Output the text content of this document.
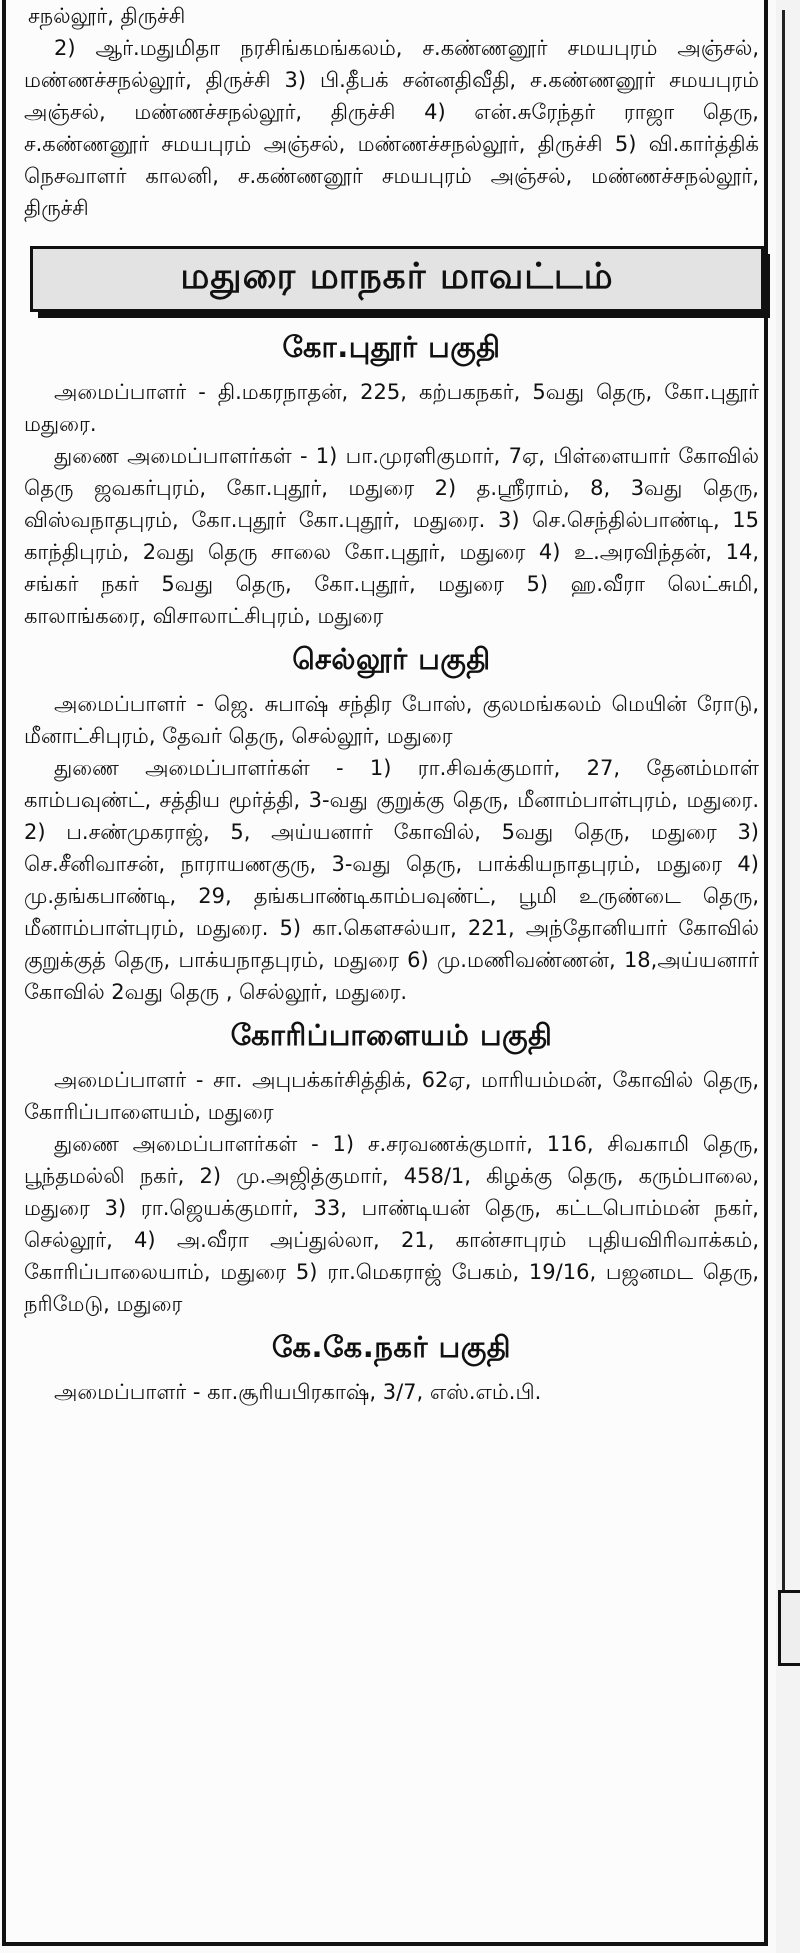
சநல்லூர், திருச்சி

2) ஆர்.மதுமிதா நரசிங்கமங்கலம், ச.கண்ணனூர் சமயபுரம் அஞ்சல், மண்ணச்சநல்லூர், திருச்சி 3) பி.தீபக் சன்னதிவீதி, ச.கண்ணனூர் சமயபுரம் அஞ்சல், மண்ணச்சநல்லூர், திருச்சி 4) என்.சுரேந்தர் ராஜா தெரு, ச.கண்ணனூர் சமயபுரம் அஞ்சல், மண்ணச்சநல்லூர், திருச்சி 5) வி.கார்த்திக் நெசவாளர் காலனி, ச.கண்ணனூர் சமயபுரம் அஞ்சல், மண்ணச்சநல்லூர், திருச்சி

மதுரை மாநகர் மாவட்டம்
கோ.புதூர் பகுதி

அமைப்பாளர் - தி.மகரநாதன், 225, கற்பகநகர், 5வது தெரு, கோ.புதூர் மதுரை.

துணை அமைப்பாளர்கள் - 1) பா.முரளிகுமார், 7ஏ, பிள்ளையார் கோவில் தெரு ஜவகர்புரம், கோ.புதூர், மதுரை 2) த.ஸ்ரீராம், 8, 3வது தெரு, விஸ்வநாதபுரம், கோ.புதூர் கோ.புதூர், மதுரை. 3) செ.செந்தில்பாண்டி, 15 காந்திபுரம், 2வது தெரு சாலை கோ.புதூர், மதுரை 4) உ.அரவிந்தன், 14, சங்கர் நகர் 5வது தெரு, கோ.புதூர், மதுரை 5) ஹ.வீரா லெட்சுமி, காலாங்கரை, விசாலாட்சிபுரம், மதுரை

செல்லூர் பகுதி

அமைப்பாளர் - ஜெ. சுபாஷ் சந்திர போஸ், குலமங்கலம் மெயின் ரோடு, மீனாட்சிபுரம், தேவர் தெரு, செல்லூர், மதுரை

துணை அமைப்பாளர்கள் - 1) ரா.சிவக்குமார், 27, தேனம்மாள் காம்பவுண்ட், சத்திய மூர்த்தி, 3-வது குறுக்கு தெரு, மீனாம்பாள்புரம், மதுரை. 2) ப.சண்முகராஜ், 5, அய்யனார் கோவில், 5வது தெரு, மதுரை 3) செ.சீனிவாசன், நாராயணகுரு, 3-வது தெரு, பாக்கியநாதபுரம், மதுரை 4) மு.தங்கபாண்டி, 29, தங்கபாண்டிகாம்பவுண்ட், பூமி உருண்டை தெரு, மீனாம்பாள்புரம், மதுரை. 5) கா.கௌசல்யா, 221, அந்தோனியார் கோவில் குறுக்குத் தெரு, பாக்யநாதபுரம், மதுரை 6) மு.மணிவண்ணன், 18,அய்யனார் கோவில் 2வது தெரு , செல்லூர், மதுரை.

கோரிப்பாளையம் பகுதி

அமைப்பாளர் - சா. அபுபக்கர்சித்திக், 62ஏ, மாரியம்மன், கோவில் தெரு, கோரிப்பாளையம், மதுரை

துணை அமைப்பாளர்கள் - 1) ச.சரவணக்குமார், 116, சிவகாமி தெரு, பூந்தமல்லி நகர், 2) மு.அஜித்குமார், 458/1, கிழக்கு தெரு, கரும்பாலை, மதுரை 3) ரா.ஜெயக்குமார், 33, பாண்டியன் தெரு, கட்டபொம்மன் நகர், செல்லூர், 4) அ.வீரா அப்துல்லா, 21, கான்சாபுரம் புதியவிரிவாக்கம், கோரிப்பாலையாம், மதுரை 5) ரா.மெகராஜ் பேகம், 19/16, பஜனமட தெரு, நரிமேடு, மதுரை

கே.கே.நகர் பகுதி

அமைப்பாளர் - கா.சூரியபிரகாஷ், 3/7, எஸ்.எம்.பி.
